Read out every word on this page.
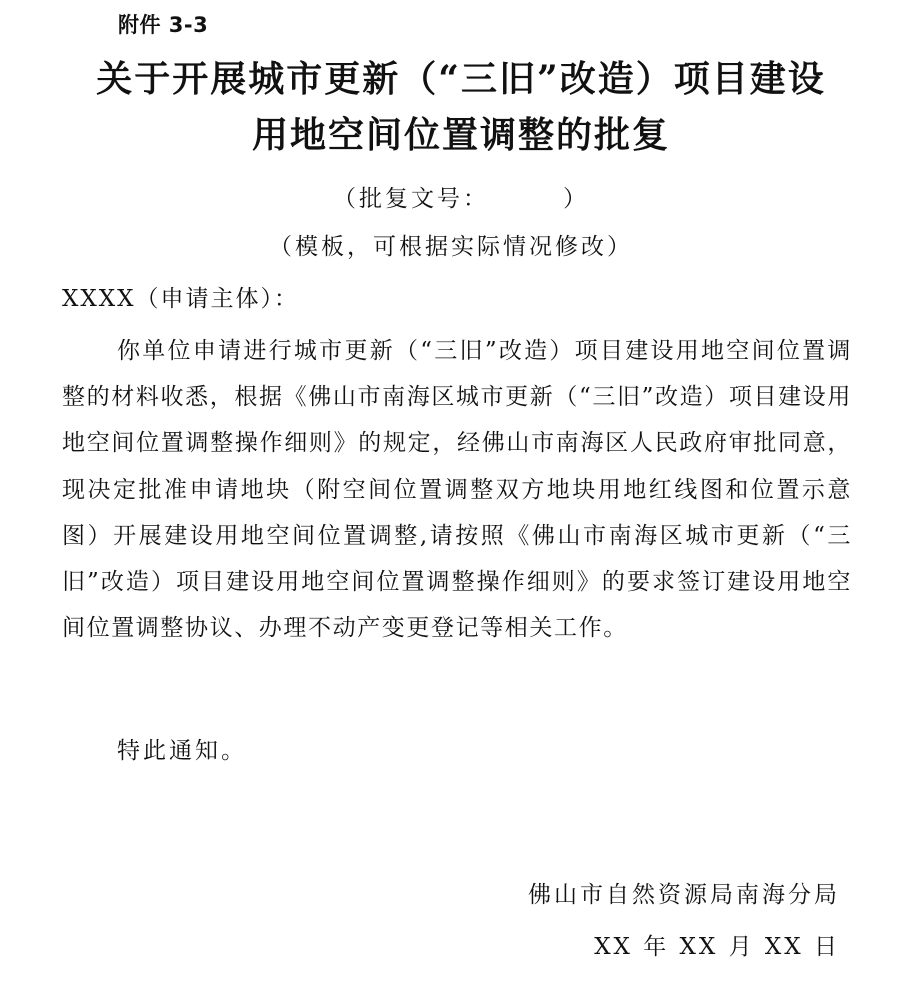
附件 3-3
关于开展城市更新（“三旧”改造）项目建设
用地空间位置调整的批复
（批复文号：	）
（模板，可根据实际情况修改）
XXXX（申请主体）：
你单位申请进行城市更新（“三旧”改造）项目建设用地空间位置调整的材料收悉，根据《佛山市南海区城市更新（“三旧”改造）项目建设用地空间位置调整操作细则》的规定，经佛山市南海区人民政府审批同意，现决定批准申请地块（附空间位置调整双方地块用地红线图和位置示意图）开展建设用地空间位置调整,请按照《佛山市南海区城市更新（“三旧”改造）项目建设用地空间位置调整操作细则》的要求签订建设用地空间位置调整协议、办理不动产变更登记等相关工作。
特此通知。
佛山市自然资源局南海分局
XX 年 XX 月 XX 日
